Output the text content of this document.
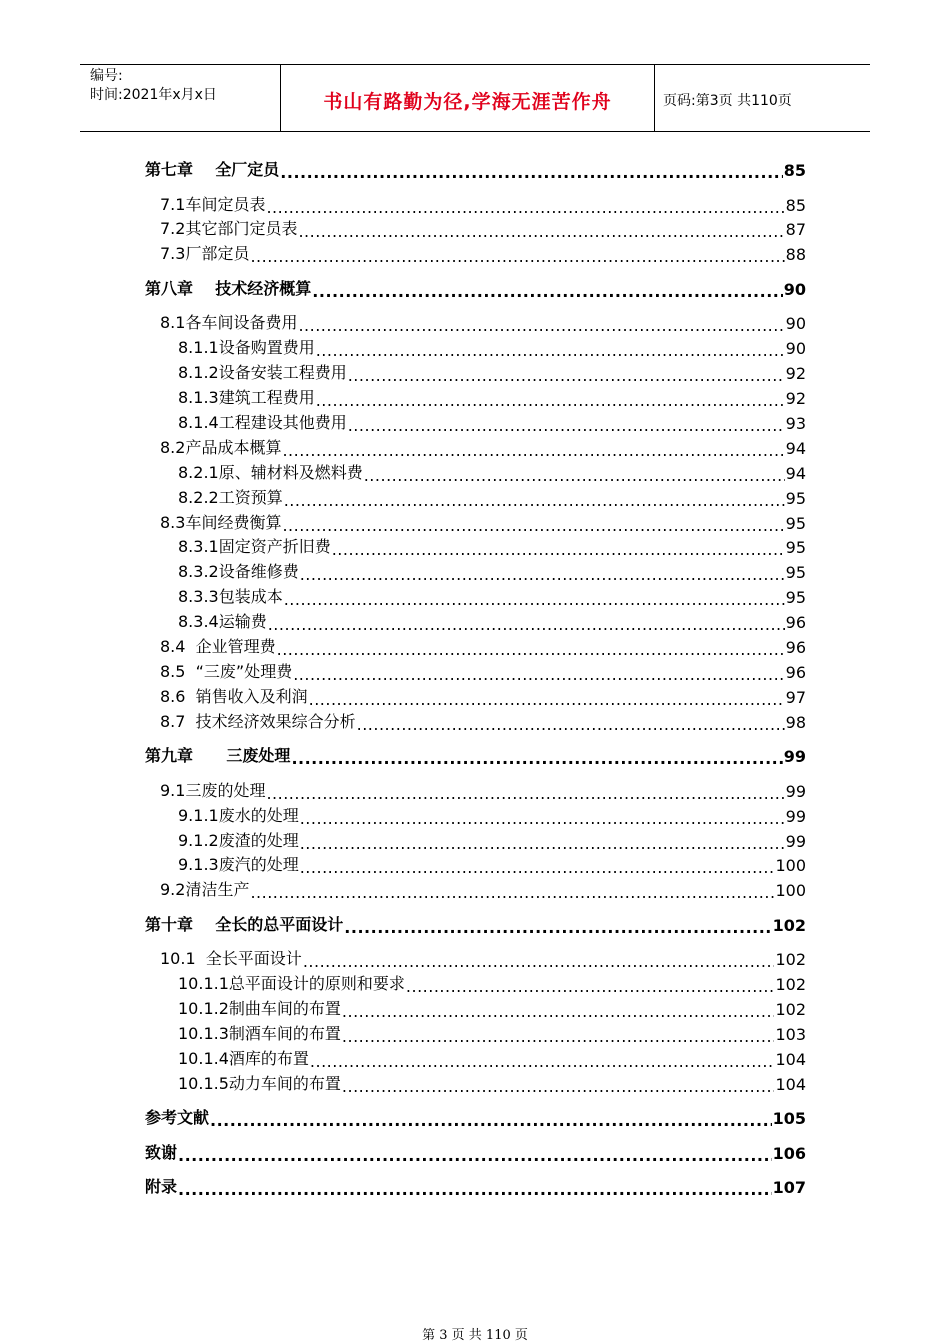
编号:
时间:2021年x月x日	书山有路勤为径,学海无涯苦作舟	页码:第3页 共110页
第七章    全厂定员 .....	85
7.1车间定员表 .....	85
7.2其它部门定员表 .....	87
7.3厂部定员 .....	88
第八章    技术经济概算 .....	90
8.1各车间设备费用 .....	90
8.1.1设备购置费用 .....	90
8.1.2设备安装工程费用 .....	92
8.1.3建筑工程费用 .....	92
8.1.4工程建设其他费用 .....	93
8.2产品成本概算 .....	94
8.2.1原、辅材料及燃料费 .....	94
8.2.2工资预算 .....	95
8.3车间经费衡算 .....	95
8.3.1固定资产折旧费 .....	95
8.3.2设备维修费 .....	95
8.3.3包装成本 .....	95
8.3.4运输费 .....	96
8.4  企业管理费 .....	96
8.5  “三废”处理费 .....	96
8.6  销售收入及利润 .....	97
8.7  技术经济效果综合分析 .....	98
第九章      三废处理 .....	99
9.1三废的处理 .....	99
9.1.1废水的处理 .....	99
9.1.2废渣的处理 .....	99
9.1.3废汽的处理 .....	100
9.2清洁生产 .....	100
第十章    全长的总平面设计 .....	102
10.1  全长平面设计 .....	102
10.1.1总平面设计的原则和要求 .....	102
10.1.2制曲车间的布置 .....	102
10.1.3制酒车间的布置 .....	103
10.1.4酒库的布置 .....	104
10.1.5动力车间的布置 .....	104
参考文献 .....	105
致谢 .....	106
附录 .....	107
第 3 页 共 110 页
